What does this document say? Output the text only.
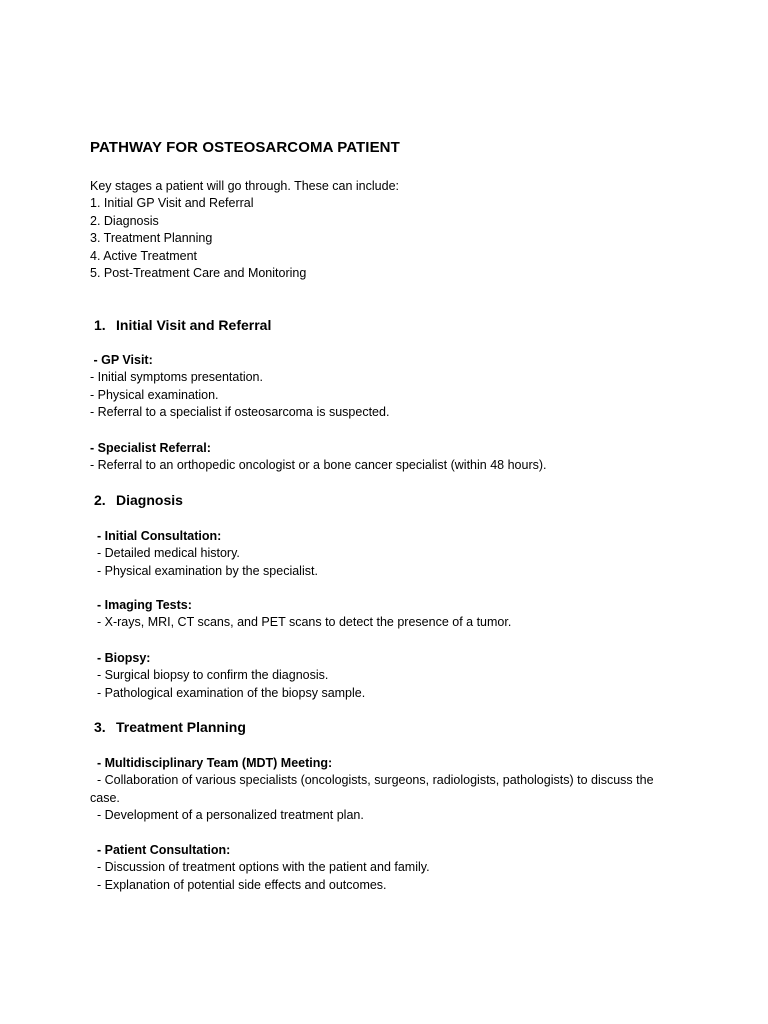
PATHWAY FOR OSTEOSARCOMA PATIENT
Key stages a patient will go through. These can include:
1. Initial GP Visit and Referral
2. Diagnosis
3. Treatment Planning
4. Active Treatment
5. Post-Treatment Care and Monitoring
1. Initial Visit and Referral
- GP Visit:
- Initial symptoms presentation.
- Physical examination.
- Referral to a specialist if osteosarcoma is suspected.
- Specialist Referral:
- Referral to an orthopedic oncologist or a bone cancer specialist (within 48 hours).
2. Diagnosis
- Initial Consultation:
- Detailed medical history.
- Physical examination by the specialist.
- Imaging Tests:
- X-rays, MRI, CT scans, and PET scans to detect the presence of a tumor.
- Biopsy:
- Surgical biopsy to confirm the diagnosis.
- Pathological examination of the biopsy sample.
3. Treatment Planning
- Multidisciplinary Team (MDT) Meeting:
- Collaboration of various specialists (oncologists, surgeons, radiologists, pathologists) to discuss the case.
- Development of a personalized treatment plan.
- Patient Consultation:
- Discussion of treatment options with the patient and family.
- Explanation of potential side effects and outcomes.
